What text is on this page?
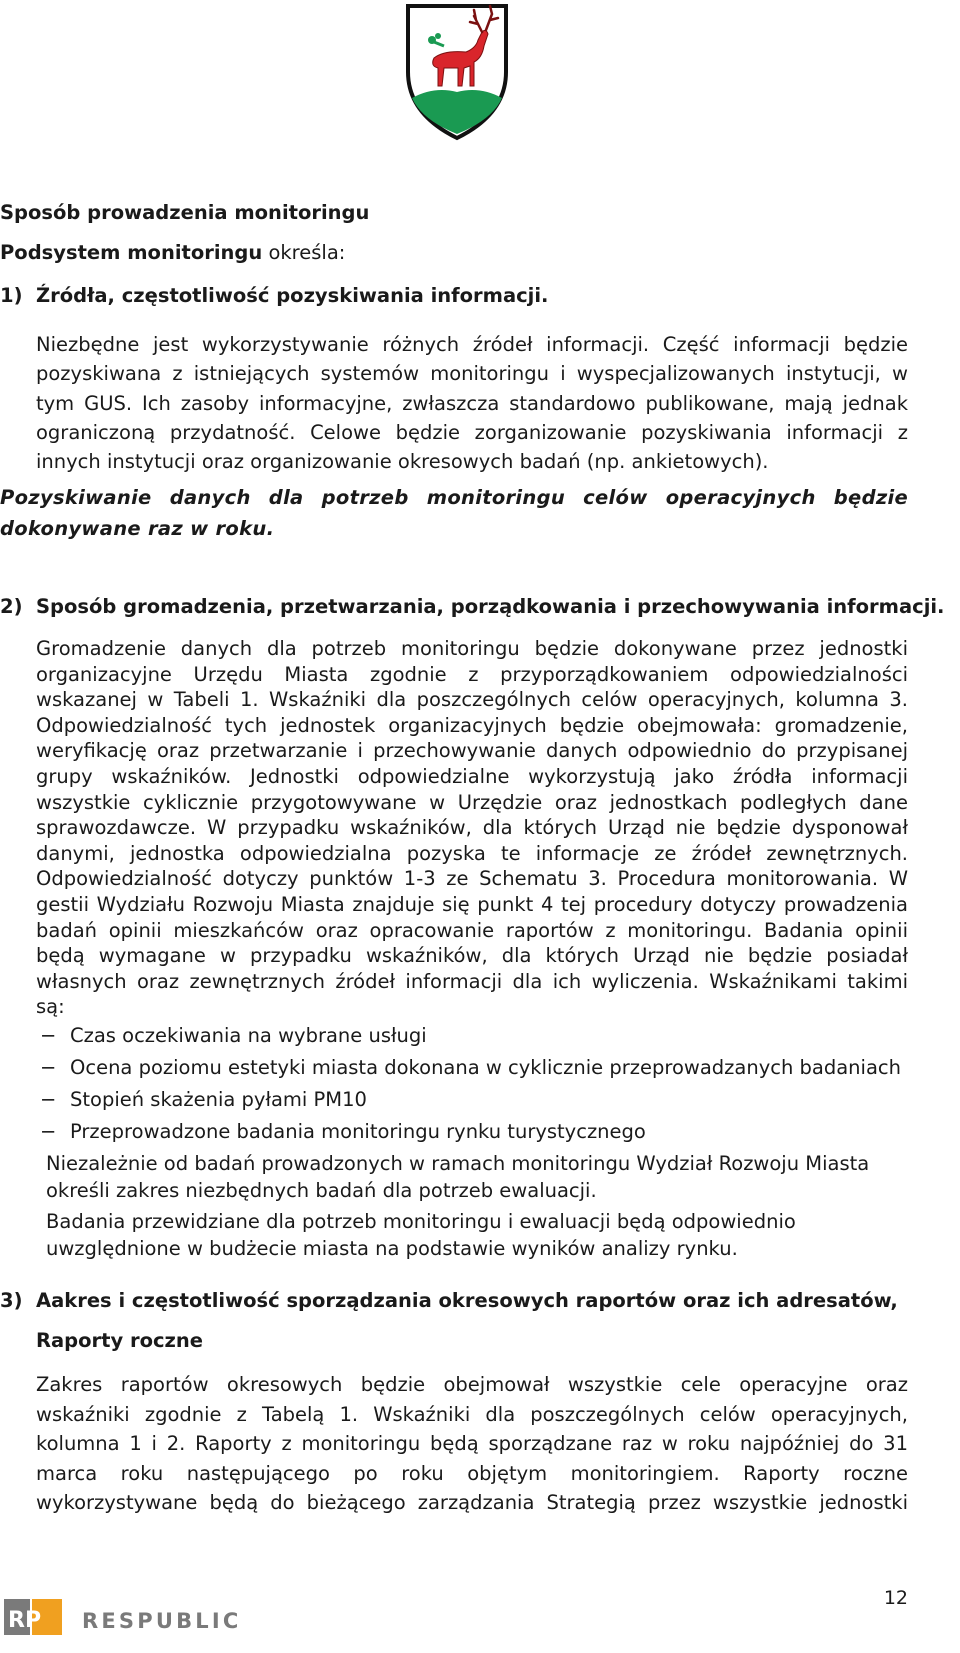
Sposób prowadzenia monitoringu
Podsystem monitoringu określa:
1) Źródła, częstotliwość pozyskiwania informacji.
Niezbędne jest wykorzystywanie różnych źródeł informacji. Część informacji będzie
pozyskiwana z istniejących systemów monitoringu i wyspecjalizowanych instytucji, w
tym GUS. Ich zasoby informacyjne, zwłaszcza standardowo publikowane, mają jednak
ograniczoną przydatność. Celowe będzie zorganizowanie pozyskiwania informacji z
innych instytucji oraz organizowanie okresowych badań (np. ankietowych).
Pozyskiwanie danych dla potrzeb monitoringu celów operacyjnych będzie
dokonywane raz w roku.
2) Sposób gromadzenia, przetwarzania, porządkowania i przechowywania informacji.
Gromadzenie danych dla potrzeb monitoringu będzie dokonywane przez jednostki
organizacyjne Urzędu Miasta zgodnie z przyporządkowaniem odpowiedzialności
wskazanej w Tabeli 1. Wskaźniki dla poszczególnych celów operacyjnych, kolumna 3.
Odpowiedzialność tych jednostek organizacyjnych będzie obejmowała: gromadzenie,
weryfikację oraz przetwarzanie i przechowywanie danych odpowiednio do przypisanej
grupy wskaźników. Jednostki odpowiedzialne wykorzystują jako źródła informacji
wszystkie cyklicznie przygotowywane w Urzędzie oraz jednostkach podległych dane
sprawozdawcze. W przypadku wskaźników, dla których Urząd nie będzie dysponował
danymi, jednostka odpowiedzialna pozyska te informacje ze źródeł zewnętrznych.
Odpowiedzialność dotyczy punktów 1-3 ze Schematu 3. Procedura monitorowania. W
gestii Wydziału Rozwoju Miasta znajduje się punkt 4 tej procedury dotyczy prowadzenia
badań opinii mieszkańców oraz opracowanie raportów z monitoringu. Badania opinii
będą wymagane w przypadku wskaźników, dla których Urząd nie będzie posiadał
własnych oraz zewnętrznych źródeł informacji dla ich wyliczenia. Wskaźnikami takimi
są:
− Czas oczekiwania na wybrane usługi
− Ocena poziomu estetyki miasta dokonana w cyklicznie przeprowadzanych badaniach
− Stopień skażenia pyłami PM10
− Przeprowadzone badania monitoringu rynku turystycznego
Niezależnie od badań prowadzonych w ramach monitoringu Wydział Rozwoju Miasta
określi zakres niezbędnych badań dla potrzeb ewaluacji.
Badania przewidziane dla potrzeb monitoringu i ewaluacji będą odpowiednio
uwzględnione w budżecie miasta na podstawie wyników analizy rynku.
3) Aakres i częstotliwość sporządzania okresowych raportów oraz ich adresatów,
Raporty roczne
Zakres raportów okresowych będzie obejmował wszystkie cele operacyjne oraz
wskaźniki zgodnie z Tabelą 1. Wskaźniki dla poszczególnych celów operacyjnych,
kolumna 1 i 2. Raporty z monitoringu będą sporządzane raz w roku najpóźniej do 31
marca roku następującego po roku objętym monitoringiem. Raporty roczne
wykorzystywane będą do bieżącego zarządzania Strategią przez wszystkie jednostki
RP RESPUBLIC
12
